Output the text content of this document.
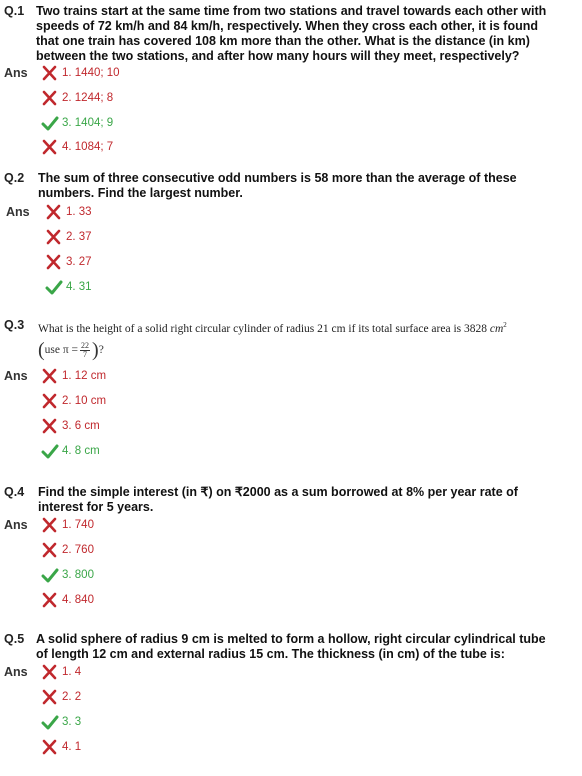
Q.1 Two trains start at the same time from two stations and travel towards each other with speeds of 72 km/h and 84 km/h, respectively. When they cross each other, it is found that one train has covered 108 km more than the other. What is the distance (in km) between the two stations, and after how many hours will they meet, respectively?
Ans	1. 1440; 10
2. 1244; 8
3. 1404; 9
4. 1084; 7
Q.2 The sum of three consecutive odd numbers is 58 more than the average of these numbers. Find the largest number.
Ans	1. 33
2. 37
3. 27
4. 31
Q.3 What is the height of a solid right circular cylinder of radius 21 cm if its total surface area is 3828 $cm^2$
( use $\pi = \frac{22}{7}$ ) ?
Ans	1. 12 cm
2. 10 cm
3. 6 cm
4. 8 cm
Q.4 Find the simple interest (in ₹) on ₹2000 as a sum borrowed at 8% per year rate of interest for 5 years.
Ans	1. 740
2. 760
3. 800
4. 840
Q.5 A solid sphere of radius 9 cm is melted to form a hollow, right circular cylindrical tube of length 12 cm and external radius 15 cm. The thickness (in cm) of the tube is:
Ans	1. 4
2. 2
3. 3
4. 1
